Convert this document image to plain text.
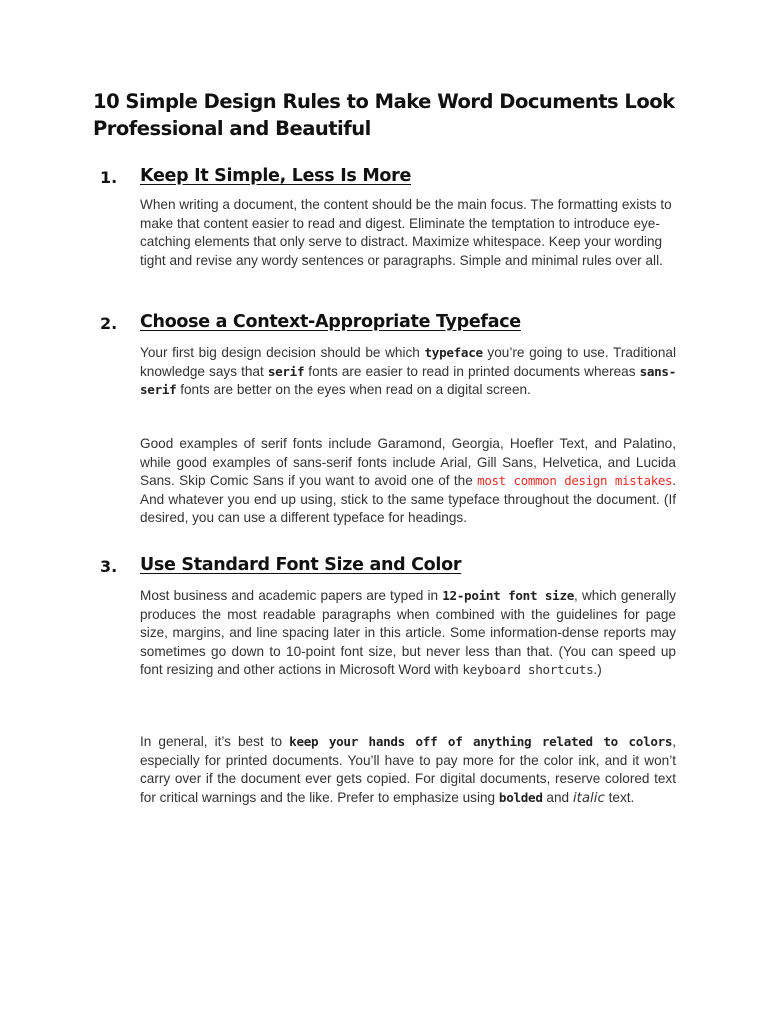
10 Simple Design Rules to Make Word Documents Look Professional and Beautiful
1. Keep It Simple, Less Is More

When writing a document, the content should be the main focus. The formatting exists to make that content easier to read and digest. Eliminate the temptation to introduce eye-catching elements that only serve to distract. Maximize whitespace. Keep your wording tight and revise any wordy sentences or paragraphs. Simple and minimal rules over all.

2. Choose a Context-Appropriate Typeface

Your first big design decision should be which typeface you’re going to use. Traditional knowledge says that serif fonts are easier to read in printed documents whereas sans-serif fonts are better on the eyes when read on a digital screen.

Good examples of serif fonts include Garamond, Georgia, Hoefler Text, and Palatino, while good examples of sans-serif fonts include Arial, Gill Sans, Helvetica, and Lucida Sans. Skip Comic Sans if you want to avoid one of the most common design mistakes. And whatever you end up using, stick to the same typeface throughout the document. (If desired, you can use a different typeface for headings.

3. Use Standard Font Size and Color

Most business and academic papers are typed in 12-point font size, which generally produces the most readable paragraphs when combined with the guidelines for page size, margins, and line spacing later in this article. Some information-dense reports may sometimes go down to 10-point font size, but never less than that. (You can speed up font resizing and other actions in Microsoft Word with keyboard shortcuts.)

In general, it’s best to keep your hands off of anything related to colors, especially for printed documents. You’ll have to pay more for the color ink, and it won’t carry over if the document ever gets copied. For digital documents, reserve colored text for critical warnings and the like. Prefer to emphasize using bolded and italic text.
